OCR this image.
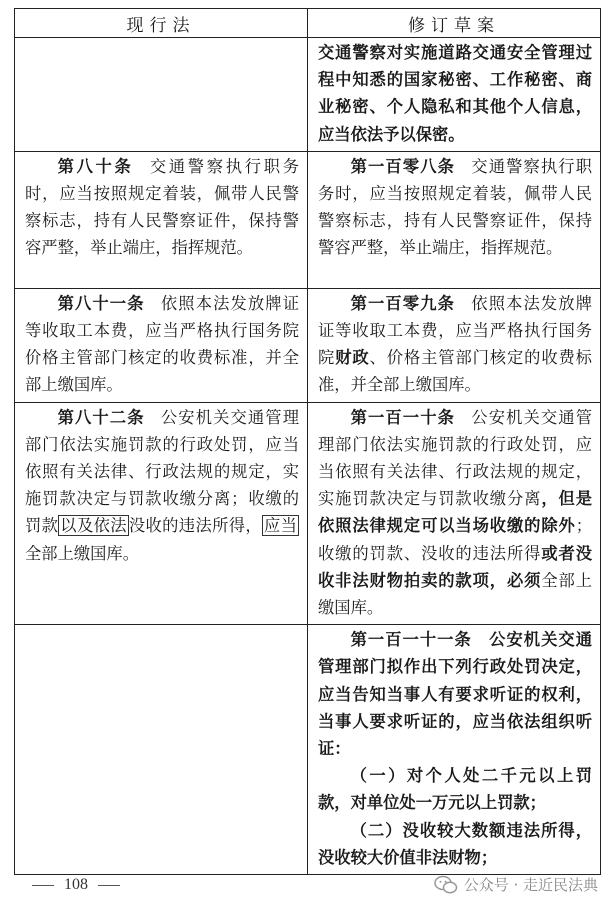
现行法	修订草案

	交通警察对实施道路交通安全管理过程中知悉的国家秘密、工作秘密、商业秘密、个人隐私和其他个人信息，应当依法予以保密。

第八十条 交通警察执行职务时，应当按照规定着装，佩带人民警察标志，持有人民警察证件，保持警容严整，举止端庄，指挥规范。	第一百零八条 交通警察执行职务时，应当按照规定着装，佩带人民警察标志，持有人民警察证件，保持警容严整，举止端庄，指挥规范。

第八十一条 依照本法发放牌证等收取工本费，应当严格执行国务院价格主管部门核定的收费标准，并全部上缴国库。	第一百零九条 依照本法发放牌证等收取工本费，应当严格执行国务院财政、价格主管部门核定的收费标准，并全部上缴国库。

第八十二条 公安机关交通管理部门依法实施罚款的行政处罚，应当依照有关法律、行政法规的规定，实施罚款决定与罚款收缴分离；收缴的罚款 以及依法 没收的违法所得， 应当全部上缴国库。	第一百一十条 公安机关交通管理部门依法实施罚款的行政处罚，应当依照有关法律、行政法规的规定，实施罚款决定与罚款收缴分离，但是依照法律规定可以当场收缴的除外；收缴的罚款、没收的违法所得或者没收非法财物拍卖的款项，必须全部上缴国库。

	第一百一十一条　 公安机关交通管理部门拟作出下列行政处罚决定，应当告知当事人有要求听证的权利，当事人要求听证的，应当依法组织听证：

（一）对个人处二千元以上罚款，对单位处一万元以上罚款；

（二）没收较大数额违法所得，没收较大价值非法财物；

108	公众号 · 走近民法典
